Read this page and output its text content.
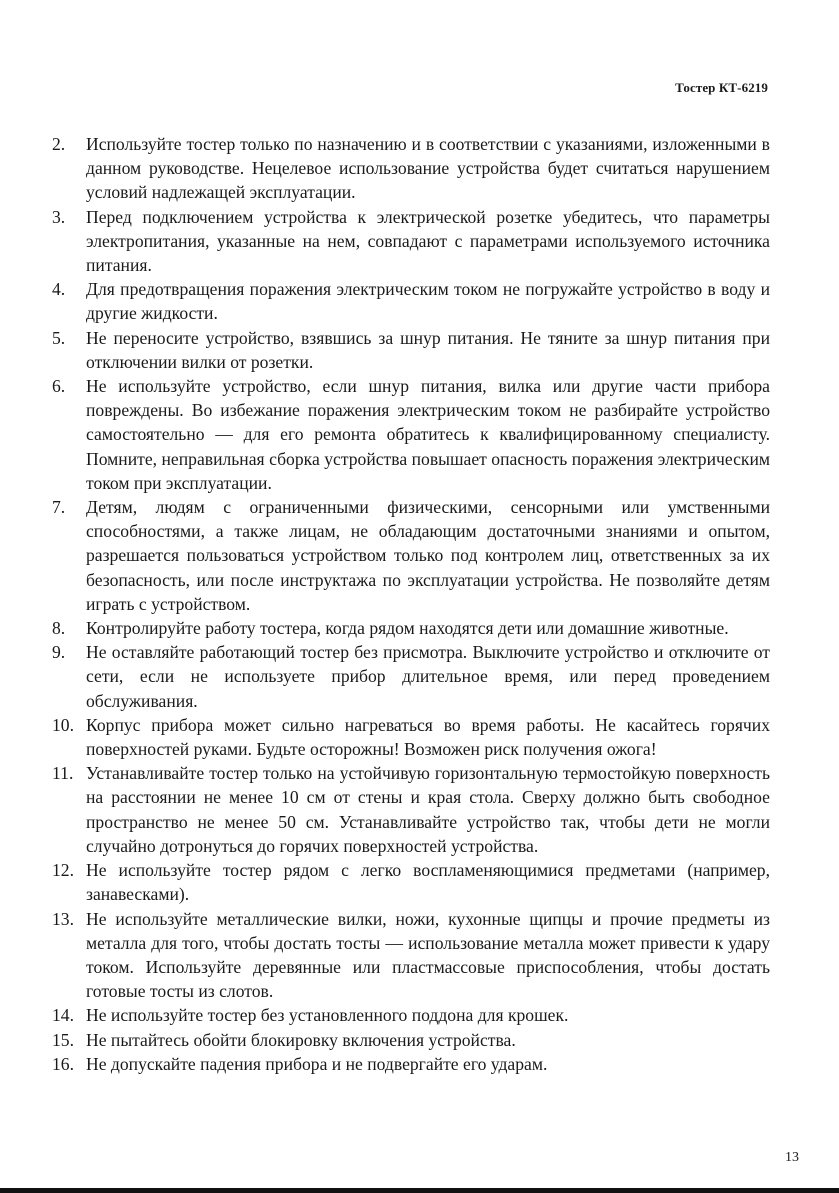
Тостер КТ-6219
2.	Используйте тостер только по назначению и в соответствии с указаниями, изложенными в данном руководстве. Нецелевое использование устройства будет считаться нарушением условий надлежащей эксплуатации.
3.	Перед подключением устройства к электрической розетке убедитесь, что параметры электропитания, указанные на нем, совпадают с параметрами используемого источника питания.
4.	Для предотвращения поражения электрическим током не погружайте устройство в воду и другие жидкости.
5.	Не переносите устройство, взявшись за шнур питания. Не тяните за шнур питания при отключении вилки от розетки.
6.	Не используйте устройство, если шнур питания, вилка или другие части прибора повреждены. Во избежание поражения электрическим током не разбирайте устройство самостоятельно — для его ремонта обратитесь к квалифицированному специалисту. Помните, неправильная сборка устройства повышает опасность поражения электрическим током при эксплуатации.
7.	Детям, людям с ограниченными физическими, сенсорными или умственными способностями, а также лицам, не обладающим достаточными знаниями и опытом, разрешается пользоваться устройством только под контролем лиц, ответственных за их безопасность, или после инструктажа по эксплуатации устройства. Не позволяйте детям играть с устройством.
8.	Контролируйте работу тостера, когда рядом находятся дети или домашние животные.
9.	Не оставляйте работающий тостер без присмотра. Выключите устройство и отключите от сети, если не используете прибор длительное время, или перед проведением обслуживания.
10. Корпус прибора может сильно нагреваться во время работы. Не касайтесь горячих поверхностей руками. Будьте осторожны! Возможен риск получения ожога!
11. Устанавливайте тостер только на устойчивую горизонтальную термостойкую поверхность на расстоянии не менее 10 см от стены и края стола. Сверху должно быть свободное пространство не менее 50 см. Устанавливайте устройство так, чтобы дети не могли случайно дотронуться до горячих поверхностей устройства.
12. Не используйте тостер рядом с легко воспламеняющимися предметами (например, занавесками).
13. Не используйте металлические вилки, ножи, кухонные щипцы и прочие предметы из металла для того, чтобы достать тосты — использование металла может привести к удару током. Используйте деревянные или пластмассовые приспособления, чтобы достать готовые тосты из слотов.
14. Не используйте тостер без установленного поддона для крошек.
15. Не пытайтесь обойти блокировку включения устройства.
16. Не допускайте падения прибора и не подвергайте его ударам.
13
